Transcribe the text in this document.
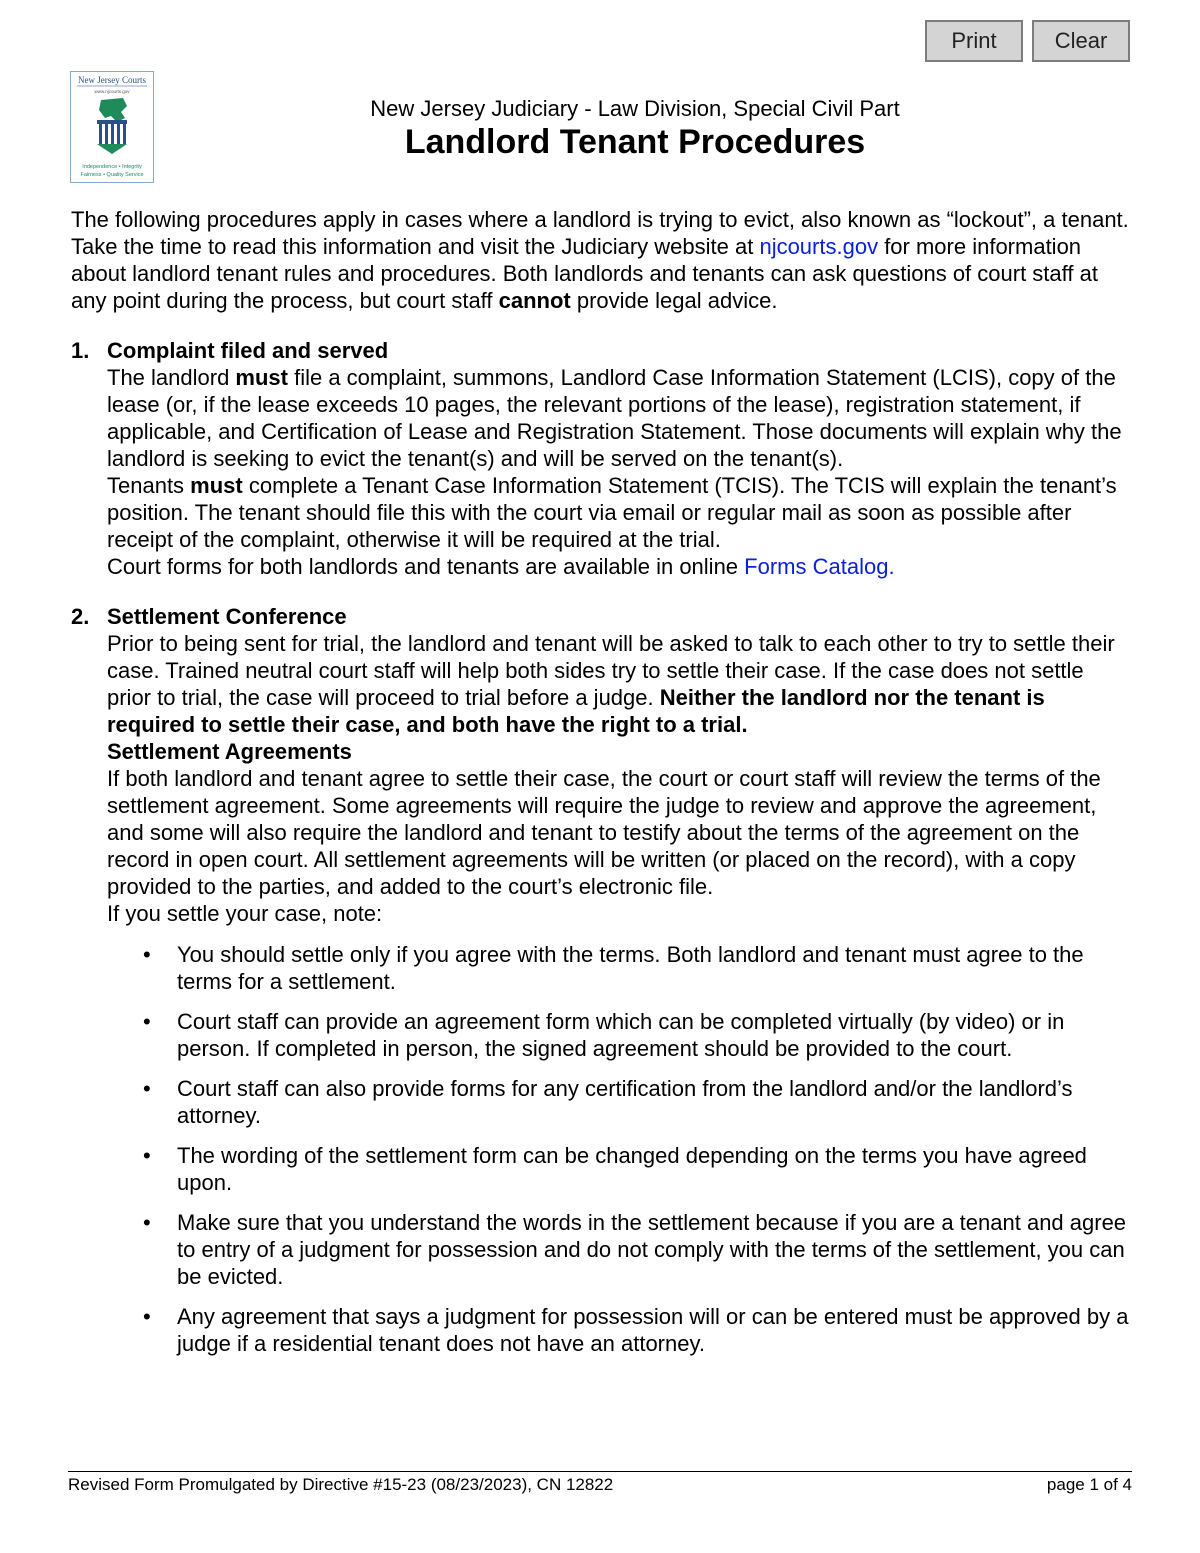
Print	Clear
New Jersey Courts
www.njcourts.gov
Independence • Integrity
Fairness • Quality Service
New Jersey Judiciary - Law Division, Special Civil Part
Landlord Tenant Procedures

The following procedures apply in cases where a landlord is trying to evict, also known as “lockout”, a tenant. Take the time to read this information and visit the Judiciary website at njcourts.gov for more information about landlord tenant rules and procedures. Both landlords and tenants can ask questions of court staff at any point during the process, but court staff cannot provide legal advice.

1. Complaint filed and served

The landlord must file a complaint, summons, Landlord Case Information Statement (LCIS), copy of the lease (or, if the lease exceeds 10 pages, the relevant portions of the lease), registration statement, if applicable, and Certification of Lease and Registration Statement. Those documents will explain why the landlord is seeking to evict the tenant(s) and will be served on the tenant(s).

Tenants must complete a Tenant Case Information Statement (TCIS). The TCIS will explain the tenant’s position. The tenant should file this with the court via email or regular mail as soon as possible after receipt of the complaint, otherwise it will be required at the trial.

Court forms for both landlords and tenants are available in online Forms Catalog.

2. Settlement Conference

Prior to being sent for trial, the landlord and tenant will be asked to talk to each other to try to settle their case. Trained neutral court staff will help both sides try to settle their case. If the case does not settle prior to trial, the case will proceed to trial before a judge. Neither the landlord nor the tenant is required to settle their case, and both have the right to a trial.

Settlement Agreements

If both landlord and tenant agree to settle their case, the court or court staff will review the terms of the settlement agreement. Some agreements will require the judge to review and approve the agreement, and some will also require the landlord and tenant to testify about the terms of the agreement on the record in open court. All settlement agreements will be written (or placed on the record), with a copy provided to the parties, and added to the court’s electronic file.

If you settle your case, note:

• You should settle only if you agree with the terms. Both landlord and tenant must agree to the terms for a settlement.
• Court staff can provide an agreement form which can be completed virtually (by video) or in person. If completed in person, the signed agreement should be provided to the court.
• Court staff can also provide forms for any certification from the landlord and/or the landlord’s attorney.
• The wording of the settlement form can be changed depending on the terms you have agreed upon.
• Make sure that you understand the words in the settlement because if you are a tenant and agree to entry of a judgment for possession and do not comply with the terms of the settlement, you can be evicted.
• Any agreement that says a judgment for possession will or can be entered must be approved by a judge if a residential tenant does not have an attorney.
Revised Form Promulgated by Directive #15-23 (08/23/2023), CN 12822	page 1 of 4
